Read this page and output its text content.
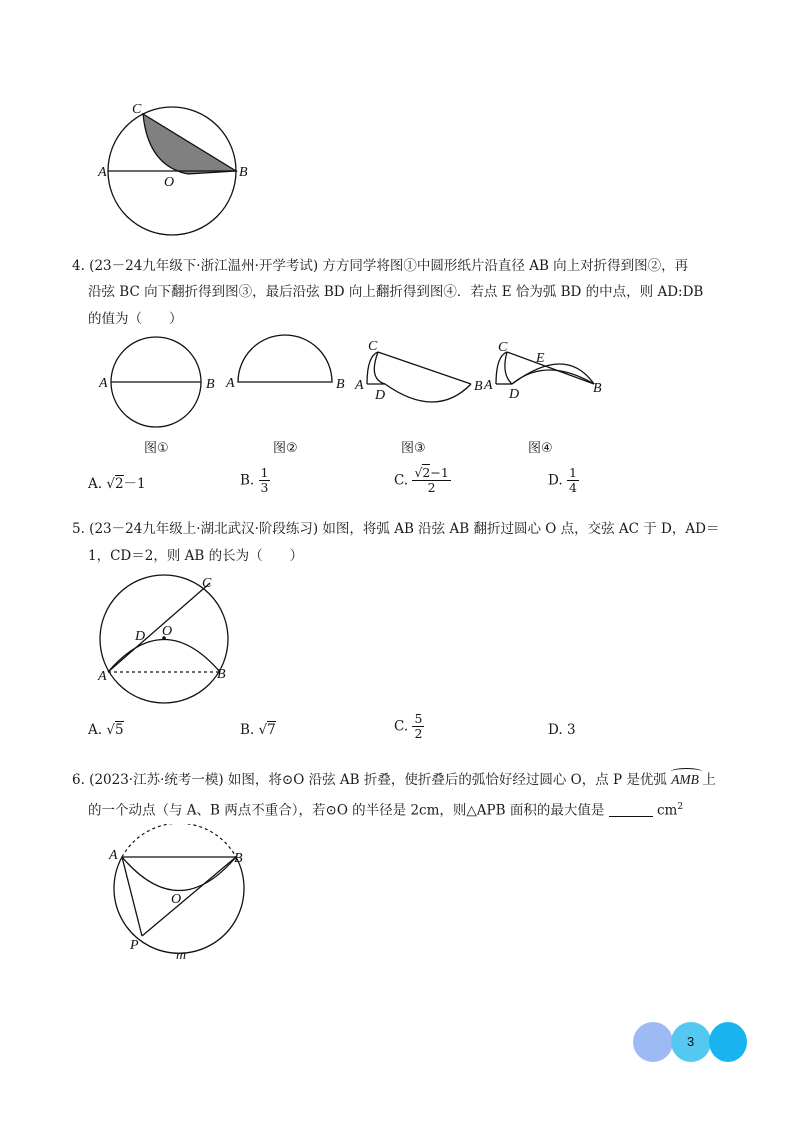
C
A
O
B
4. (23－24九年级下·浙江温州·开学考试) 方方同学将图①中圆形纸片沿直径 AB 向上对折得到图②，再
沿弦 BC 向下翻折得到图③，最后沿弦 BD 向上翻折得到图④．若点 E 恰为弧 BD 的中点，则 AD:DB
的值为（　　）
A	B A	B
C
A
D
B
C
E
A
D	B
图①	图②	图③	图④
A. √2－1	B. $\frac{1}{3}$	C. $\frac{√2-1}{2}$	D. $\frac{1}{4}$
5. (23－24九年级上·湖北武汉·阶段练习) 如图，将弧 AB 沿弦 AB 翻折过圆心 O 点，交弦 AC 于 D，AD＝
1，CD＝2，则 AB 的长为（　　）
C
D O
A	B
A. √5	B. √7	C. $\frac{5}{2}$	D. 3
6. (2023·江苏·统考一模) 如图，将⊙O 沿弦 AB 折叠，使折叠后的弧恰好经过圆心 O，点 P 是优弧 AMB 上
的一个动点（与 A、B 两点不重合），若⊙O 的半径是 2cm，则△APB 面积的最大值是	$cm^2$
A	B
O
P
m
3
